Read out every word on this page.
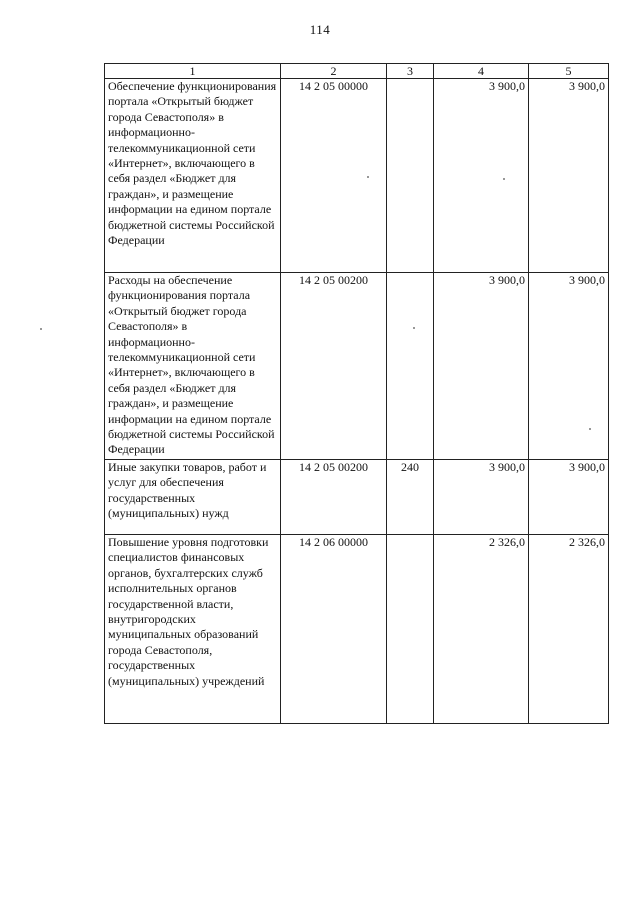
114
1	2	3	4	5
Обеспечение функционирования портала «Открытый бюджет города Севастополя» в информационно-телекоммуникационной сети «Интернет», включающего в себя раздел «Бюджет для граждан», и размещение информации на едином портале бюджетной системы Российской Федерации	14 2 05 00000		3 900,0	3 900,0
Расходы на обеспечение функционирования портала «Открытый бюджет города Севастополя» в информационно-телекоммуникационной сети «Интернет», включающего в себя раздел «Бюджет для граждан», и размещение информации на едином портале бюджетной системы Российской Федерации	14 2 05 00200		3 900,0	3 900,0
Иные закупки товаров, работ и услуг для обеспечения государственных (муниципальных) нужд	14 2 05 00200	240	3 900,0	3 900,0
Повышение уровня подготовки специалистов финансовых органов, бухгалтерских служб исполнительных органов государственной власти, внутригородских муниципальных образований города Севастополя, государственных (муниципальных) учреждений	14 2 06 00000		2 326,0	2 326,0
